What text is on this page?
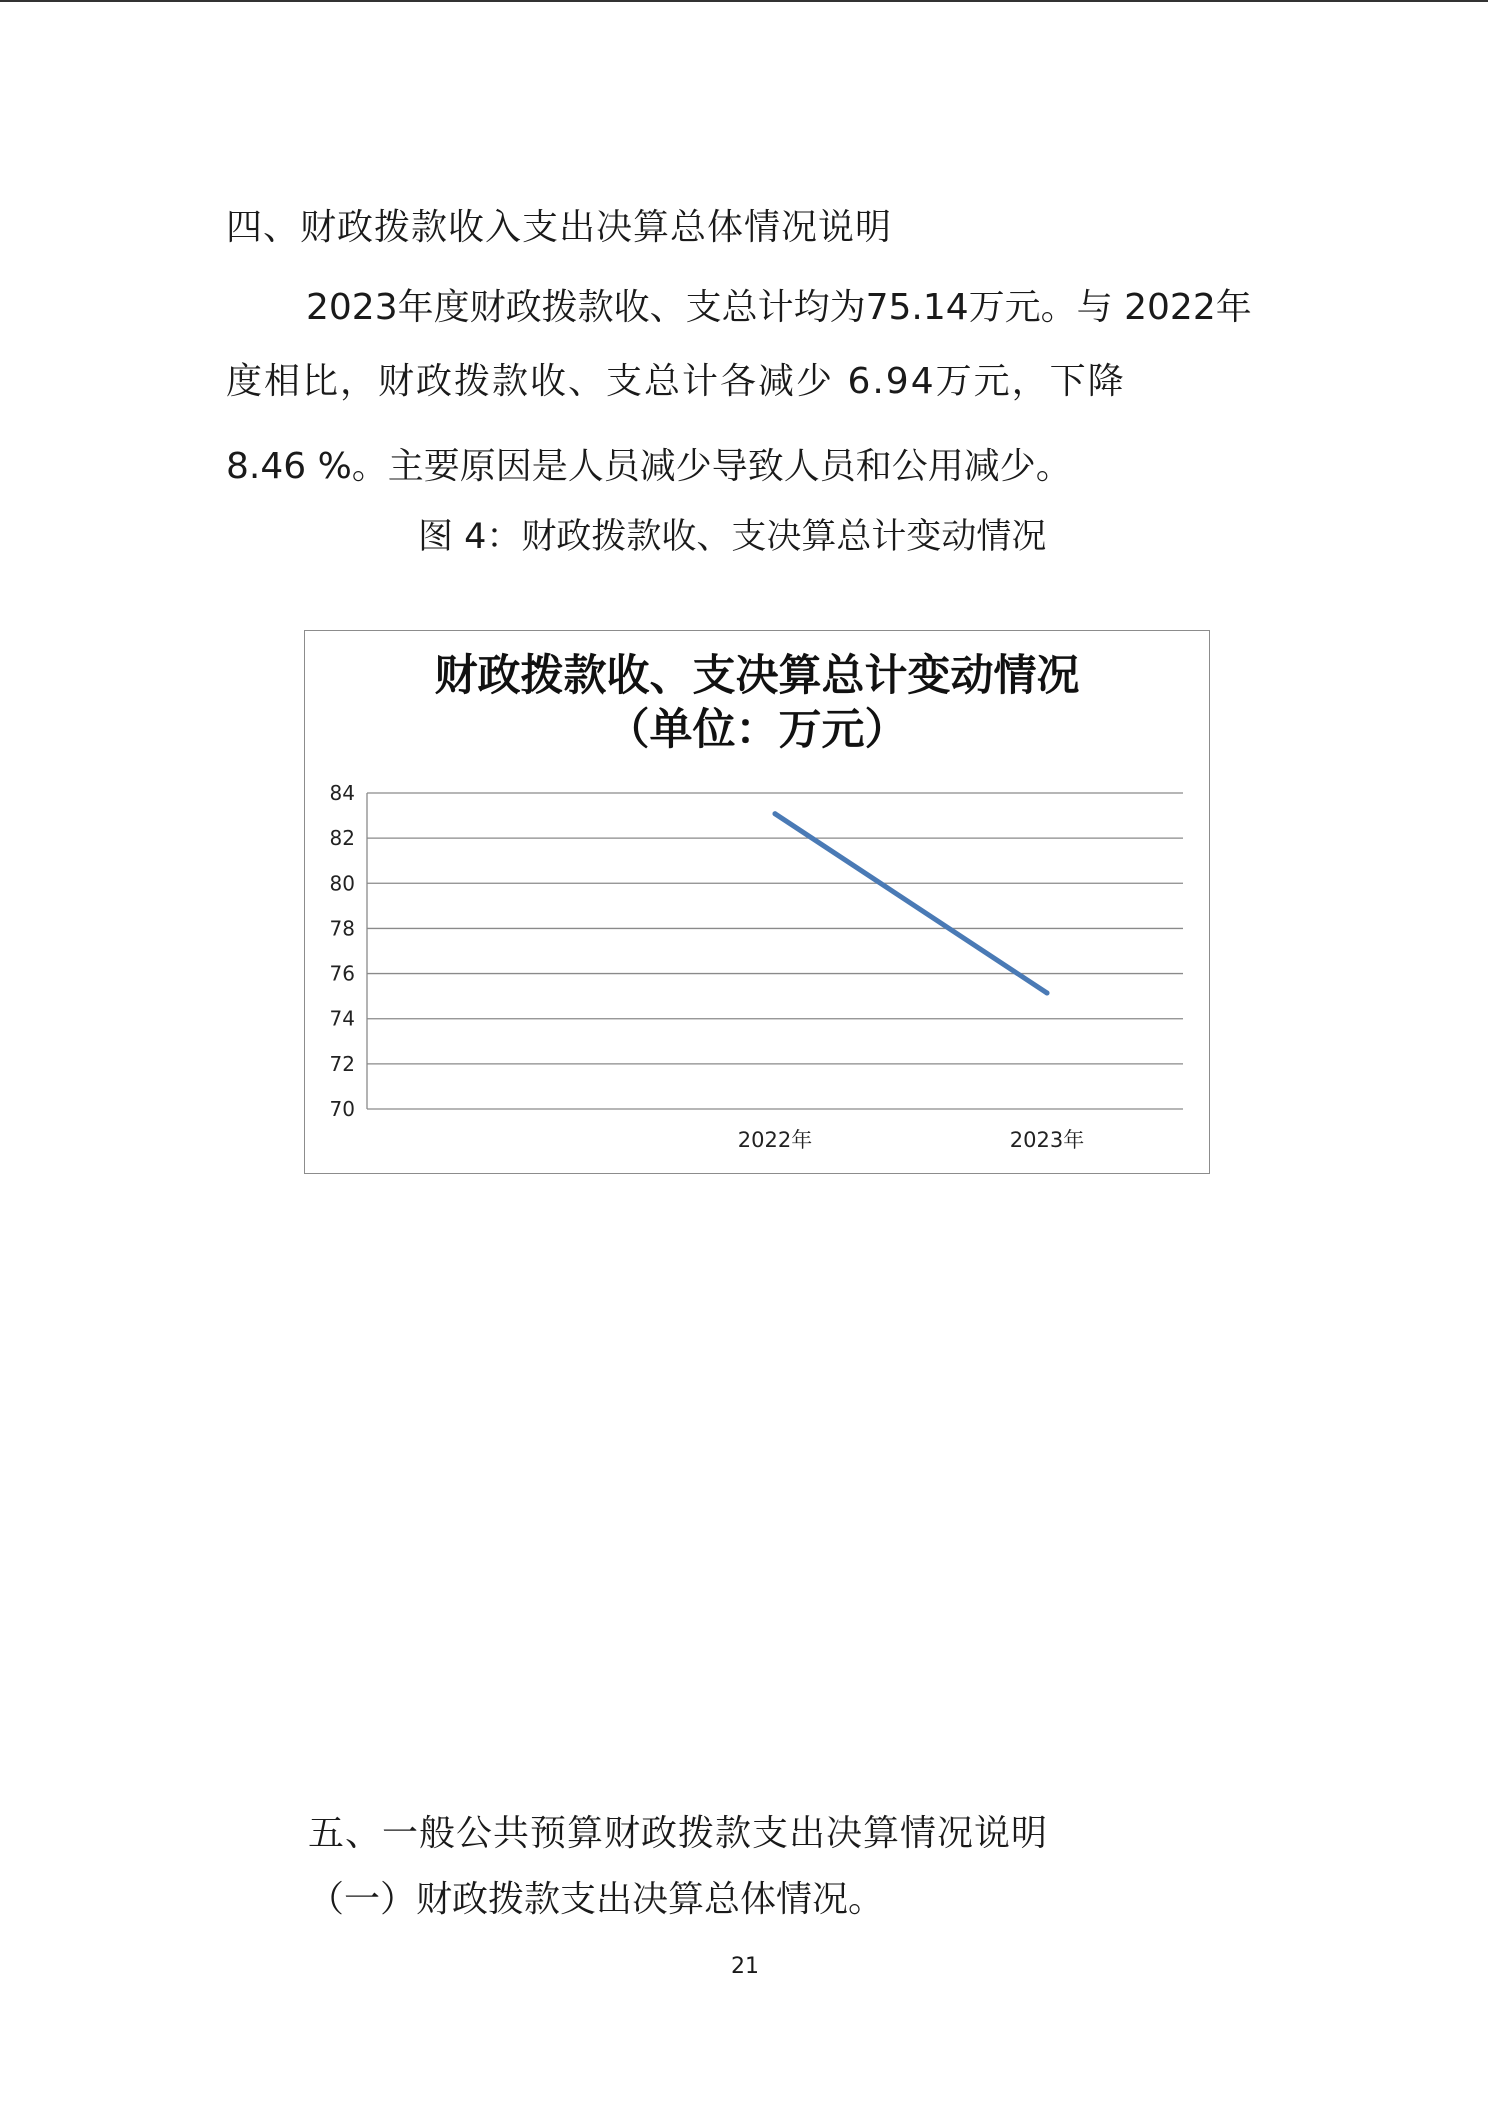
四、财政拨款收入支出决算总体情况说明

2023年度财政拨款收、支总计均为75.14万元。与 2022年

度相比，财政拨款收、支总计各减少 6.94万元，下降

8.46 %。主要原因是人员减少导致人员和公用减少。

图 4：财政拨款收、支决算总计变动情况

财政拨款收、支决算总计变动情况
（单位：万元）
70
72
74
76
78
80
82
84
2022年	2023年
五、一般公共预算财政拨款支出决算情况说明

（一）财政拨款支出决算总体情况。

21
